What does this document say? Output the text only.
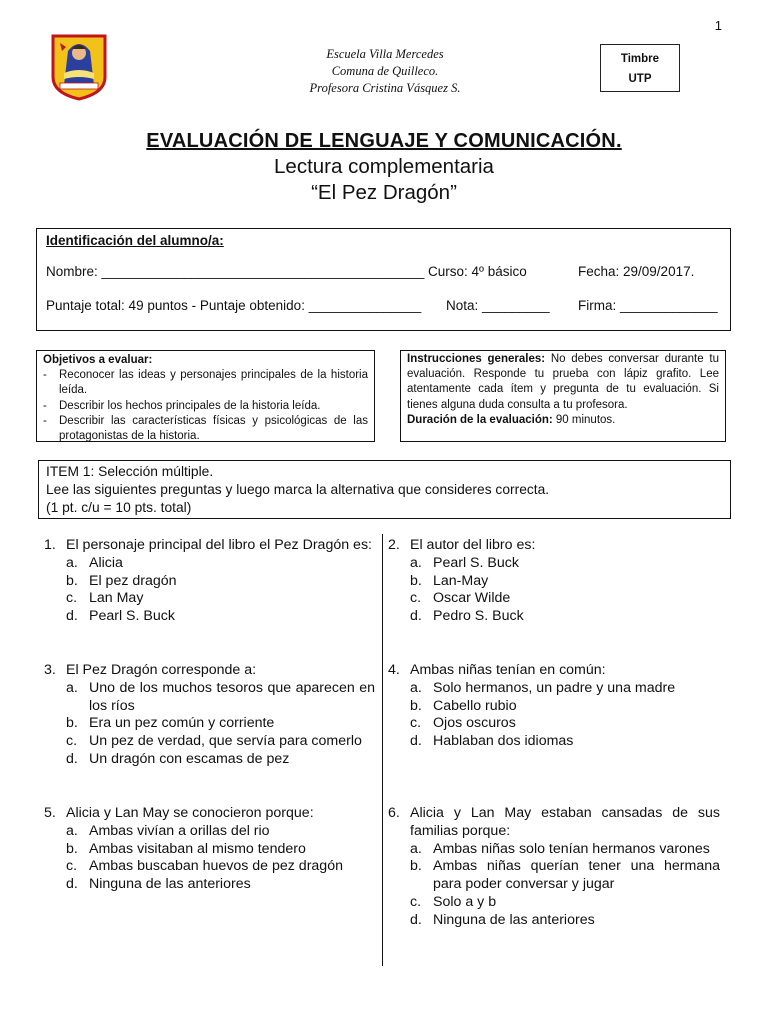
1
Escuela Villa Mercedes
Comuna de Quilleco.
Profesora Cristina Vásquez S.
Timbre
UTP
EVALUACIÓN DE LENGUAJE Y COMUNICACIÓN.
Lectura complementaria
“El Pez Dragón”
Identificación del alumno/a:
Nombre: ___________________________________________ Curso: 4º básico	Fecha: 29/09/2017.
Puntaje total: 49 puntos - Puntaje obtenido: _______________ Nota: _________ Firma: _____________
Objetivos a evaluar:
-	Reconocer las ideas y personajes principales de la historia leída.
-	Describir los hechos principales de la historia leída.
-	Describir las características físicas y psicológicas de las protagonistas de la historia.
Instrucciones generales: No debes conversar durante tu evaluación. Responde tu prueba con lápiz grafito. Lee atentamente cada ítem y pregunta de tu evaluación. Si tienes alguna duda consulta a tu profesora.
Duración de la evaluación: 90 minutos.
ITEM 1: Selección múltiple.
Lee las siguientes preguntas y luego marca la alternativa que consideres correcta.
(1 pt. c/u = 10 pts. total)
1. El personaje principal del libro el Pez Dragón es:
a. Alicia
b. El pez dragón
c. Lan May
d. Pearl S. Buck
2. El autor del libro es:
a. Pearl S. Buck
b. Lan-May
c. Oscar Wilde
d. Pedro S. Buck
3. El Pez Dragón corresponde a:
a. Uno de los muchos tesoros que aparecen en los ríos
b. Era un pez común y corriente
c. Un pez de verdad, que servía para comerlo
d. Un dragón con escamas de pez
4. Ambas niñas tenían en común:
a. Solo hermanos, un padre y una madre
b. Cabello rubio
c. Ojos oscuros
d. Hablaban dos idiomas
5. Alicia y Lan May se conocieron porque:
a. Ambas vivían a orillas del rio
b. Ambas visitaban al mismo tendero
c. Ambas buscaban huevos de pez dragón
d. Ninguna de las anteriores
6. Alicia y Lan May estaban cansadas de sus familias porque:
a. Ambas niñas solo tenían hermanos varones
b. Ambas niñas querían tener una hermana para poder conversar y jugar
c. Solo a y b
d. Ninguna de las anteriores
